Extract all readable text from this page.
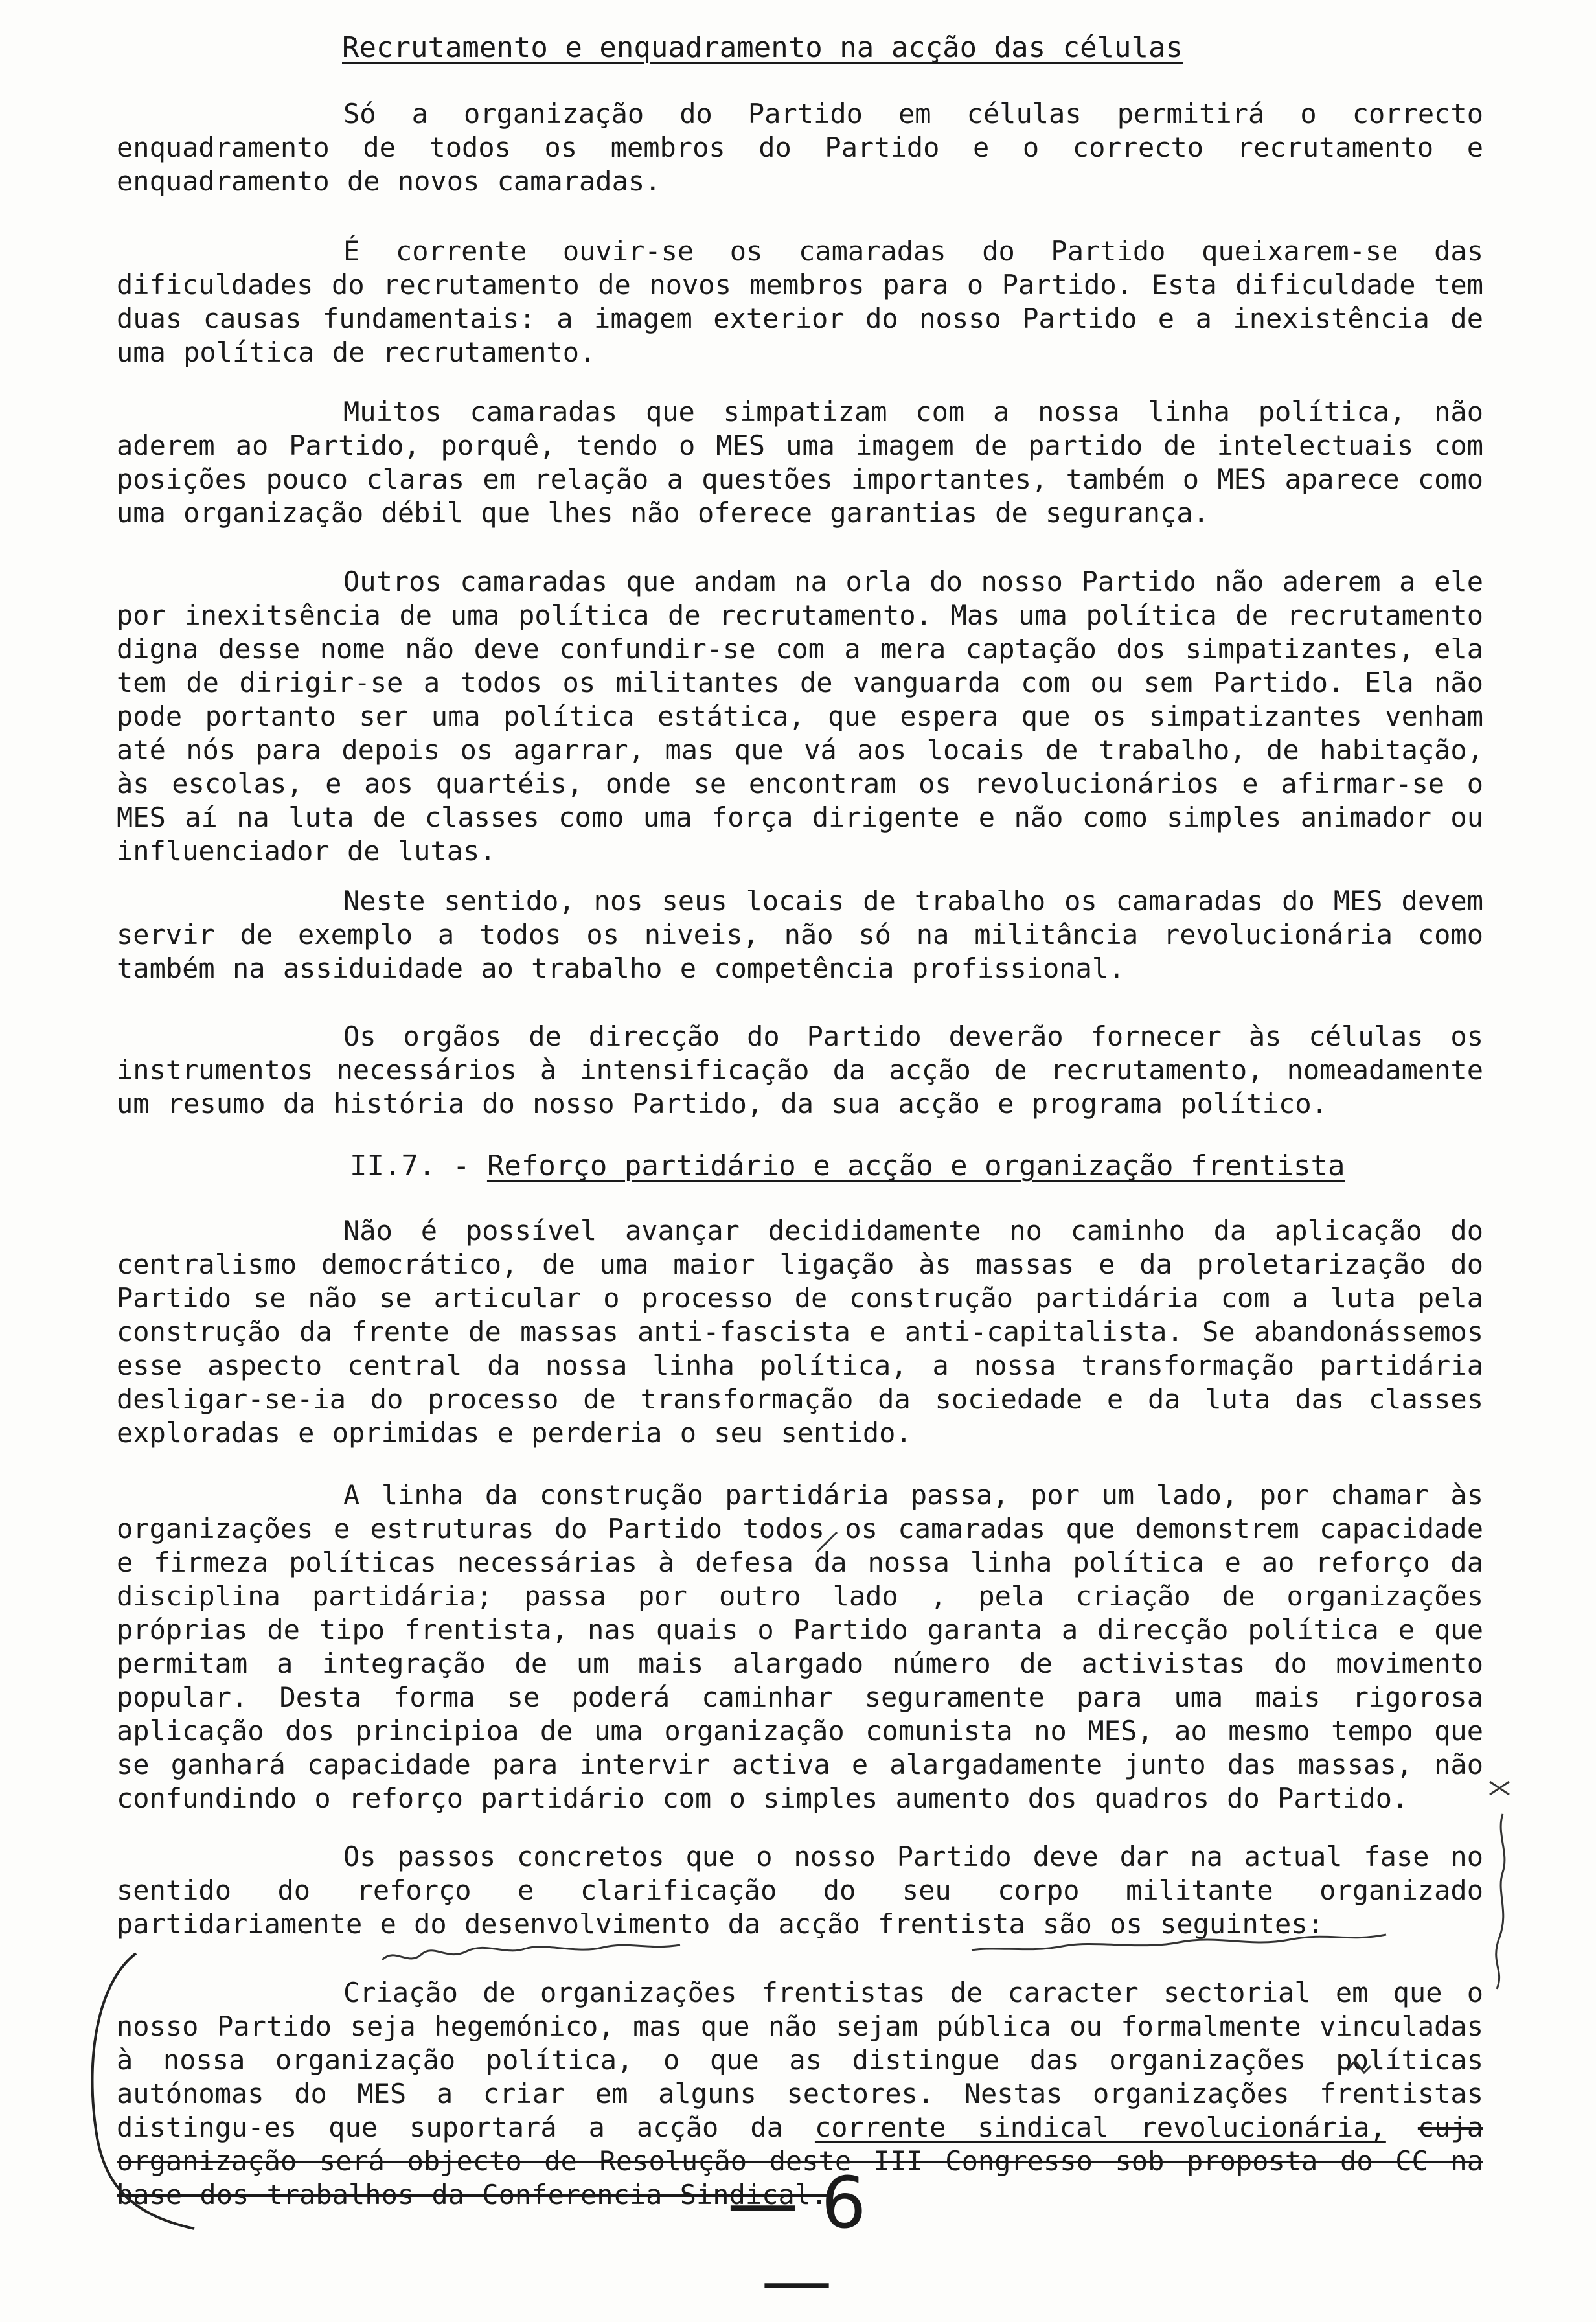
Recrutamento e enquadramento na acção das células

Só a organização do Partido em células permitirá o correcto enquadramento de todos os membros do Partido e o correcto recrutamento e enquadramento de novos camaradas.

É corrente ouvir-se os camaradas do Partido queixarem-se das dificuldades do recrutamento de novos membros para o Partido. Esta dificuldade tem duas causas fundamentais: a imagem exterior do nosso Partido e a inexistência de uma política de recrutamento.

Muitos camaradas que simpatizam com a nossa linha política, não aderem ao Partido, porquê, tendo o MES uma imagem de partido de intelectuais com posições pouco claras em relação a questões importantes, também o MES aparece como uma organização débil que lhes não oferece garantias de segurança.

Outros camaradas que andam na orla do nosso Partido não aderem a ele por inexitsência de uma política de recrutamento. Mas uma política de recrutamento digna desse nome não deve confundir-se com a mera captação dos simpatizantes, ela tem de dirigir-se a todos os militantes de vanguarda com ou sem Partido. Ela não pode portanto ser uma política estática, que espera que os simpatizantes venham até nós para depois os agarrar, mas que vá aos locais de trabalho, de habitação, às escolas, e aos quartéis, onde se encontram os revolucionários e afirmar-se o MES aí na luta de classes como uma força dirigente e não como simples animador ou influenciador de lutas.

Neste sentido, nos seus locais de trabalho os camaradas do MES devem servir de exemplo a todos os niveis, não só na militância revolucionária como também na assiduidade ao trabalho e competência profissional.

Os orgãos de direcção do Partido deverão fornecer às células os instrumentos necessários à intensificação da acção de recrutamento, nomeadamente um resumo da história do nosso Partido, da sua acção e programa político.

II.7. - Reforço partidário e acção e organização frentista

Não é possível avançar decididamente no caminho da aplicação do centralismo democrático, de uma maior ligação às massas e da proletarização do Partido se não se articular o processo de construção partidária com a luta pela construção da frente de massas anti-fascista e anti-capitalista. Se abandonássemos esse aspecto central da nossa linha política, a nossa transformação partidária desligar-se-ia do processo de transformação da sociedade e da luta das classes exploradas e oprimidas e perderia o seu sentido.

A linha da construção partidária passa, por um lado, por chamar às organizações e estruturas do Partido todos os camaradas que demonstrem capacidade e firmeza políticas necessárias à defesa da nossa linha política e ao reforço da disciplina partidária; passa por outro lado , pela criação de organizações próprias de tipo frentista, nas quais o Partido garanta a direcção política e que permitam a integração de um mais alargado número de activistas do movimento popular. Desta forma se poderá caminhar seguramente para uma mais rigorosa aplicação dos principioa de uma organização comunista no MES, ao mesmo tempo que se ganhará capacidade para intervir activa e alargadamente junto das massas, não confundindo o reforço partidário com o simples aumento dos quadros do Partido.

Os passos concretos que o nosso Partido deve dar na actual fase no sentido do reforço e clarificação do seu corpo militante organizado partidariamente e do desenvolvimento da acção frentista são os seguintes:

Criação de organizações frentistas de caracter sectorial em que o nosso Partido seja hegemónico, mas que não sejam pública ou formalmente vinculadas à nossa organização política, o que as distingue das organizações políticas autónomas do MES a criar em alguns sectores. Nestas organizações frentistas distingu-es que suportará a acção da corrente sindical revolucionária, cuja organização será objecto de Resolução deste III Congresso sob proposta do CC na base dos trabalhos da Conferencia Sindical.

— 6 —
